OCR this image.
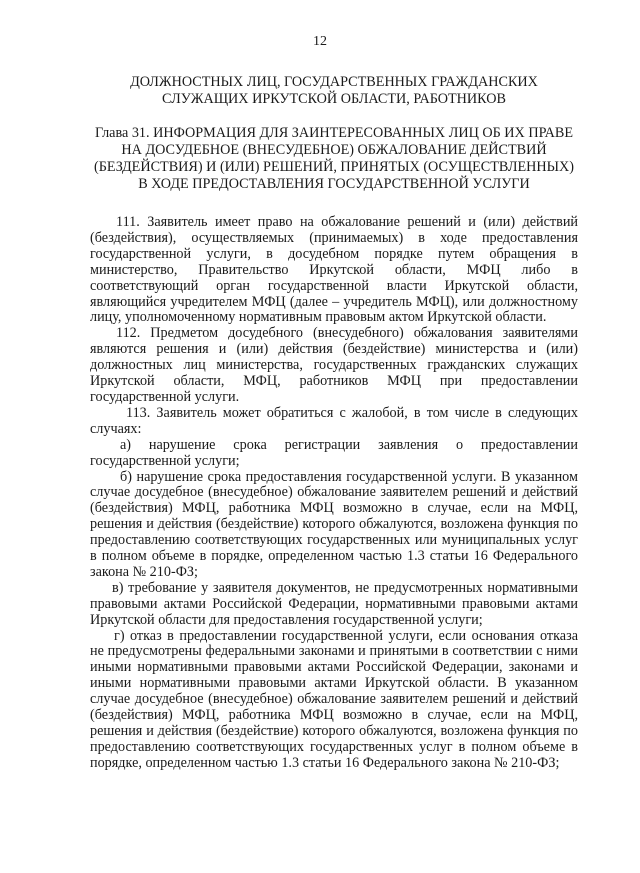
12
ДОЛЖНОСТНЫХ ЛИЦ, ГОСУДАРСТВЕННЫХ ГРАЖДАНСКИХ СЛУЖАЩИХ ИРКУТСКОЙ ОБЛАСТИ, РАБОТНИКОВ
Глава 31. ИНФОРМАЦИЯ ДЛЯ ЗАИНТЕРЕСОВАННЫХ ЛИЦ ОБ ИХ ПРАВЕ НА ДОСУДЕБНОЕ (ВНЕСУДЕБНОЕ) ОБЖАЛОВАНИЕ ДЕЙСТВИЙ (БЕЗДЕЙСТВИЯ) И (ИЛИ) РЕШЕНИЙ, ПРИНЯТЫХ (ОСУЩЕСТВЛЕННЫХ) В ХОДЕ ПРЕДОСТАВЛЕНИЯ ГОСУДАРСТВЕННОЙ УСЛУГИ

111. Заявитель имеет право на обжалование решений и (или) действий (бездействия), осуществляемых (принимаемых) в ходе предоставления государственной услуги, в досудебном порядке путем обращения в министерство, Правительство Иркутской области, МФЦ либо в соответствующий орган государственной власти Иркутской области, являющийся учредителем МФЦ (далее – учредитель МФЦ), или должностному лицу, уполномоченному нормативным правовым актом Иркутской области.

112. Предметом досудебного (внесудебного) обжалования заявителями являются решения и (или) действия (бездействие) министерства и (или) должностных лиц министерства, государственных гражданских служащих Иркутской области, МФЦ, работников МФЦ при предоставлении государственной услуги.

113. Заявитель может обратиться с жалобой, в том числе в следующих случаях:

а) нарушение срока регистрации заявления о предоставлении государственной услуги;

б) нарушение срока предоставления государственной услуги. В указанном случае досудебное (внесудебное) обжалование заявителем решений и действий (бездействия) МФЦ, работника МФЦ возможно в случае, если на МФЦ, решения и действия (бездействие) которого обжалуются, возложена функция по предоставлению соответствующих государственных или муниципальных услуг в полном объеме в порядке, определенном частью 1.3 статьи 16 Федерального закона № 210-ФЗ;

в) требование у заявителя документов, не предусмотренных нормативными правовыми актами Российской Федерации, нормативными правовыми актами Иркутской области для предоставления государственной услуги;

г) отказ в предоставлении государственной услуги, если основания отказа не предусмотрены федеральными законами и принятыми в соответствии с ними иными нормативными правовыми актами Российской Федерации, законами и иными нормативными правовыми актами Иркутской области. В указанном случае досудебное (внесудебное) обжалование заявителем решений и действий (бездействия) МФЦ, работника МФЦ возможно в случае, если на МФЦ, решения и действия (бездействие) которого обжалуются, возложена функция по предоставлению соответствующих государственных услуг в полном объеме в порядке, определенном частью 1.3 статьи 16 Федерального закона № 210-ФЗ;
